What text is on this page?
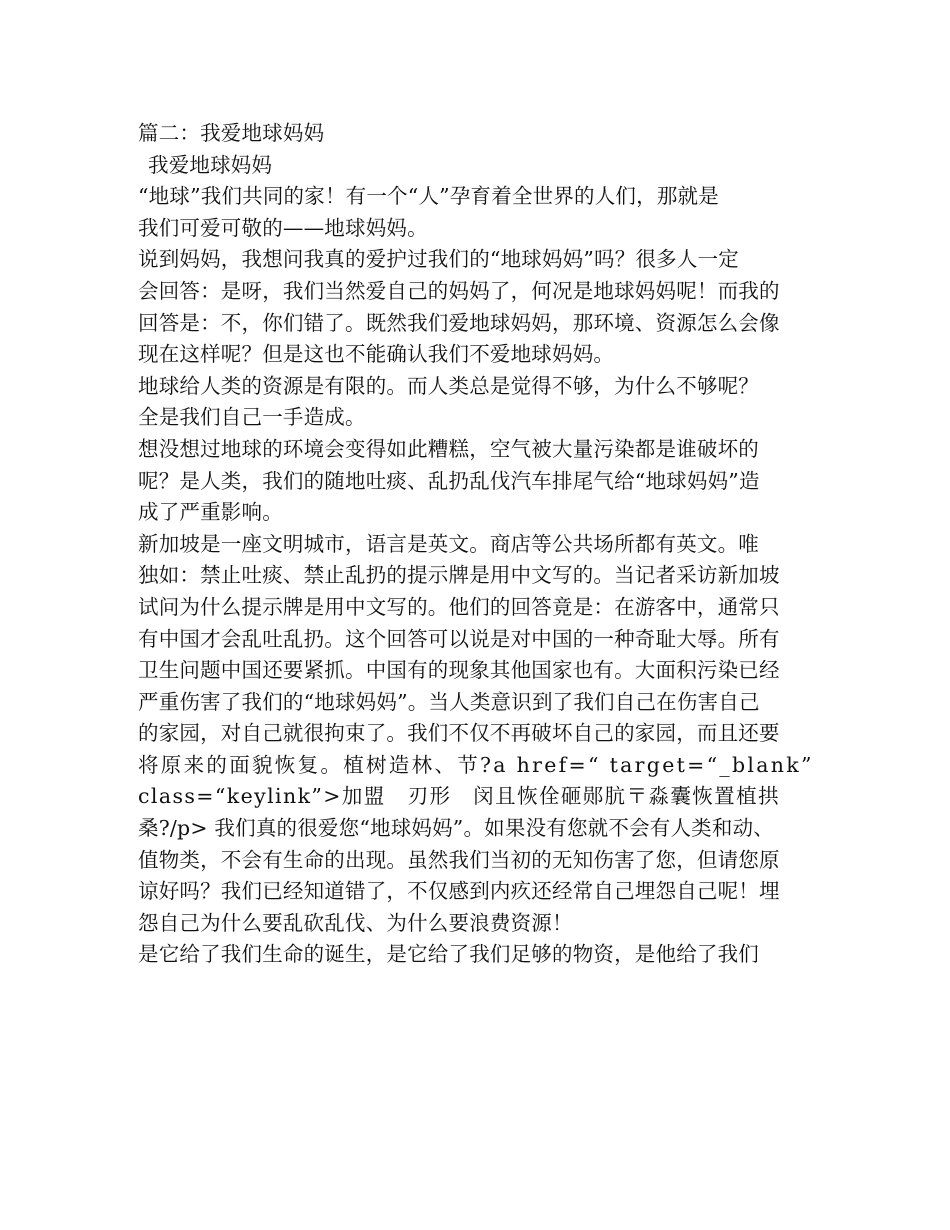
篇二：我爱地球妈妈
我爱地球妈妈
“地球”我们共同的家！有一个“人”孕育着全世界的人们，那就是
我们可爱可敬的——地球妈妈。
说到妈妈，我想问我真的爱护过我们的“地球妈妈”吗？很多人一定
会回答：是呀，我们当然爱自己的妈妈了，何况是地球妈妈呢！而我的
回答是：不，你们错了。既然我们爱地球妈妈，那环境、资源怎么会像
现在这样呢？但是这也不能确认我们不爱地球妈妈。
地球给人类的资源是有限的。而人类总是觉得不够，为什么不够呢？
全是我们自己一手造成。
想没想过地球的环境会变得如此糟糕，空气被大量污染都是谁破坏的
呢？是人类，我们的随地吐痰、乱扔乱伐汽车排尾气给“地球妈妈”造
成了严重影响。
新加坡是一座文明城市，语言是英文。商店等公共场所都有英文。唯
独如：禁止吐痰、禁止乱扔的提示牌是用中文写的。当记者采访新加坡
试问为什么提示牌是用中文写的。他们的回答竟是：在游客中，通常只
有中国才会乱吐乱扔。这个回答可以说是对中国的一种奇耻大辱。所有
卫生问题中国还要紧抓。中国有的现象其他国家也有。大面积污染已经
严重伤害了我们的“地球妈妈”。当人类意识到了我们自己在伤害自己
的家园，对自己就很拘束了。我们不仅不再破坏自己的家园，而且还要
将原来的面貌恢复。植树造林、节?a href=“ target=“_blank”
class=“keylink”>加盟　刃形　闵且恢佺砸郧肮〒淼囊恢置植拱
桑?/p> 我们真的很爱您“地球妈妈”。如果没有您就不会有人类和动、
值物类，不会有生命的出现。虽然我们当初的无知伤害了您，但请您原
谅好吗？我们已经知道错了，不仅感到内疚还经常自己埋怨自己呢！埋
怨自己为什么要乱砍乱伐、为什么要浪费资源！
是它给了我们生命的诞生，是它给了我们足够的物资，是他给了我们
